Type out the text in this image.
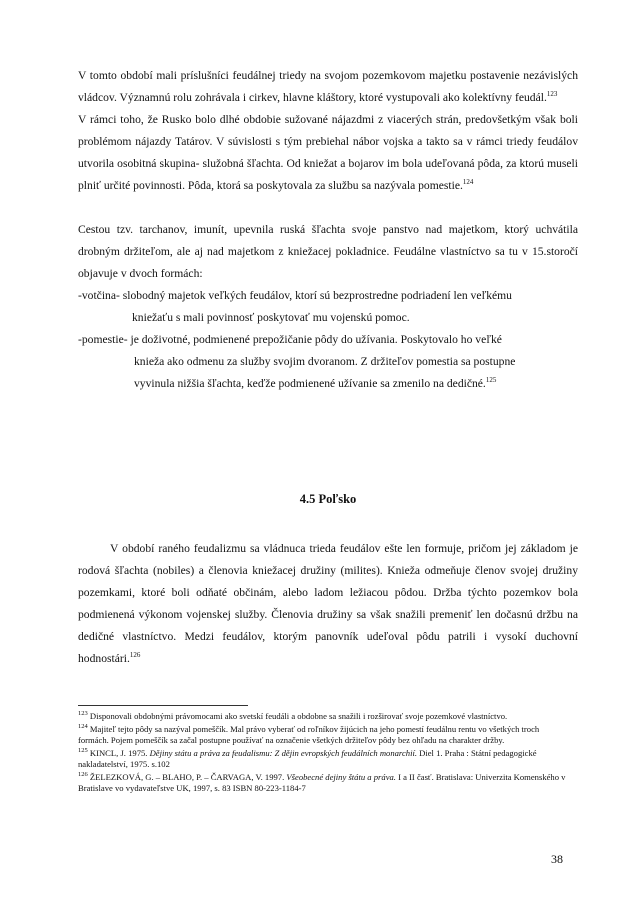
V tomto období mali príslušníci feudálnej triedy na svojom pozemkovom majetku postavenie nezávislých vládcov. Významnú rolu zohrávala i cirkev, hlavne kláštory, ktoré vystupovali ako kolektívny feudál.$^{123}$

V rámci toho, že Rusko bolo dlhé obdobie sužované nájazdmi z viacerých strán, predovšetkým však boli problémom nájazdy Tatárov. V súvislosti s tým prebiehal nábor vojska a takto sa v rámci triedy feudálov utvorila osobitná skupina- služobná šľachta. Od kniežat a bojarov im bola udeľovaná pôda, za ktorú museli plniť určité povinnosti. Pôda, ktorá sa poskytovala za službu sa nazývala pomestie.$^{124}$

Cestou tzv. tarchanov, imunít, upevnila ruská šľachta svoje panstvo nad majetkom, ktorý uchvátila drobným držiteľom, ale aj nad majetkom z kniežacej pokladnice. Feudálne vlastníctvo sa tu v 15.storočí objavuje v dvoch formách:

-votčina- slobodný majetok veľkých feudálov, ktorí sú bezprostredne podriadení len veľkému

kniežaťu s mali povinnosť poskytovať mu vojenskú pomoc.

-pomestie- je doživotné, podmienené prepožičanie pôdy do užívania. Poskytovalo ho veľké

knieža ako odmenu za služby svojim dvoranom. Z držiteľov pomestia sa postupne

vyvinula nižšia šľachta, keďže podmienené užívanie sa zmenilo na dedičné.$^{125}$

4.5 Poľsko

V období raného feudalizmu sa vládnuca trieda feudálov ešte len formuje, pričom jej základom je rodová šľachta (nobiles) a členovia kniežacej družiny (milites). Knieža odmeňuje členov svojej družiny pozemkami, ktoré boli odňaté občinám, alebo ladom ležiacou pôdou. Držba týchto pozemkov bola podmienená výkonom vojenskej služby. Členovia družiny sa však snažili premeniť len dočasnú držbu na dedičné vlastníctvo. Medzi feudálov, ktorým panovník udeľoval pôdu patrili i vysokí duchovní hodnostári.$^{126}$

$^{123}$ Disponovali obdobnými právomocami ako svetskí feudáli a obdobne sa snažili i rozširovať svoje pozemkové vlastníctvo.

$^{124}$ Majiteľ tejto pôdy sa nazýval pomeščík. Mal právo vyberať od roľníkov žijúcich na jeho pomestí feudálnu rentu vo všetkých troch formách. Pojem pomeščík sa začal postupne používať na označenie všetkých držiteľov pôdy bez ohľadu na charakter držby.

$^{125}$ KINCL, J. 1975. Dějiny státu a práva za feudalismu: Z dějin evropských feudálních monarchií. Diel 1. Praha : Státní pedagogické nakladatelství, 1975. s.102

$^{126}$ ŽELEZKOVÁ, G. – BLAHO, P. – ČARVAGA, V. 1997. Všeobecné dejiny štátu a práva. I a II časť. Bratislava: Univerzita Komenského v Bratislave vo vydavateľstve UK, 1997, s. 83 ISBN 80-223-1184-7

38
